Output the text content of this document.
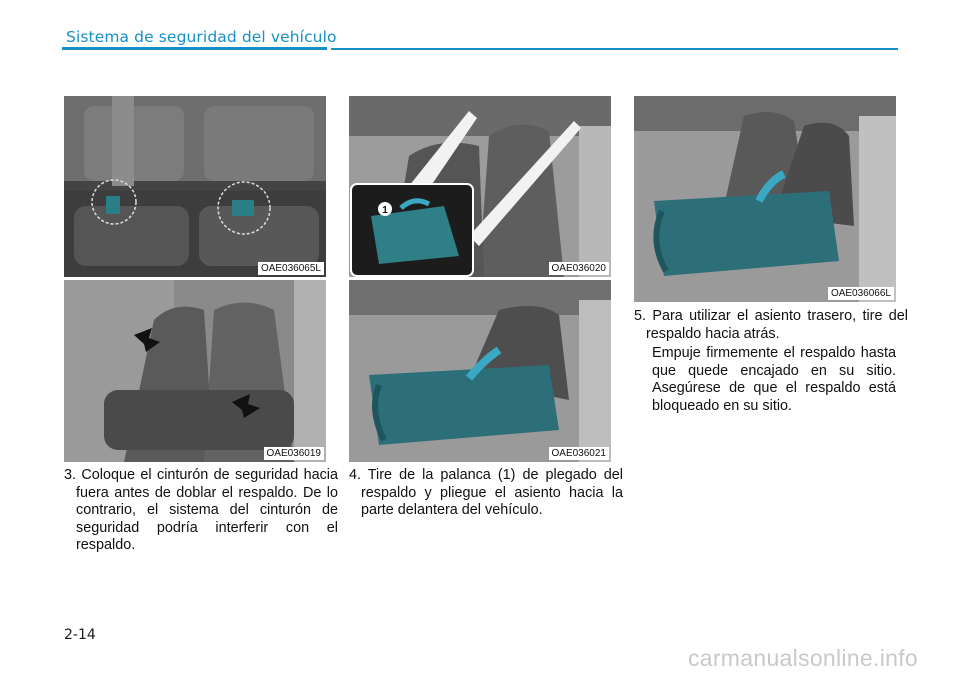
Sistema de seguridad del vehículo
OAE036065L
OAE036019
1
OAE036020
OAE036021
OAE036066L

3. Coloque el cinturón de seguridad hacia fuera antes de doblar el respaldo. De lo contrario, el sistema del cinturón de seguridad podría interferir con el respaldo.

4. Tire de la palanca (1) de plegado del respaldo y pliegue el asiento hacia la parte delantera del vehículo.

5. Para utilizar el asiento trasero, tire del respaldo hacia atrás.

Empuje firmemente el respaldo hasta que quede encajado en su sitio. Asegúrese de que el respaldo está bloqueado en su sitio.

2-14
carmanualsonline.info
